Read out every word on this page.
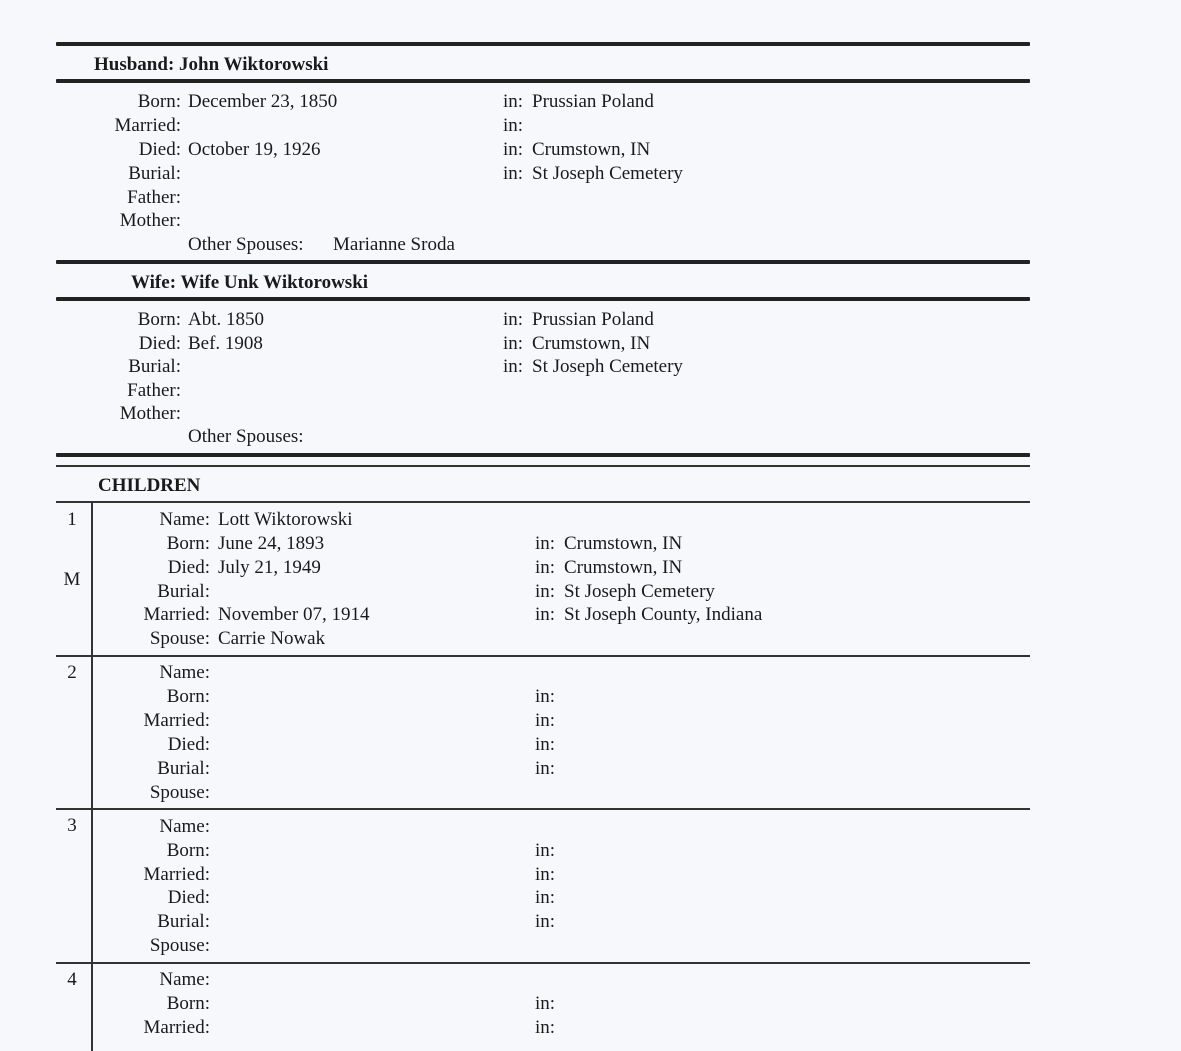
Husband: John Wiktorowski
Born: December 23, 1850	in: Prussian Poland
Married:	in:
Died: October 19, 1926	in: Crumstown, IN
Burial:	in: St Joseph Cemetery
Father:
Mother:
Other Spouses: Marianne Sroda
Wife: Wife Unk Wiktorowski
Born: Abt. 1850	in: Prussian Poland
Died: Bef. 1908	in: Crumstown, IN
Burial:	in: St Joseph Cemetery
Father:
Mother:
Other Spouses:
CHILDREN
1
M
Name: Lott Wiktorowski
Born: June 24, 1893	in: Crumstown, IN
Died: July 21, 1949	in: Crumstown, IN
Burial:	in: St Joseph Cemetery
Married: November 07, 1914	in: St Joseph County, Indiana
Spouse: Carrie Nowak
2	Name:
Born:	in:
Married:	in:
Died:	in:
Burial:	in:
Spouse:
3	Name:
Born:	in:
Married:	in:
Died:	in:
Burial:	in:
Spouse:
4	Name:
Born:	in:
Married:	in:
